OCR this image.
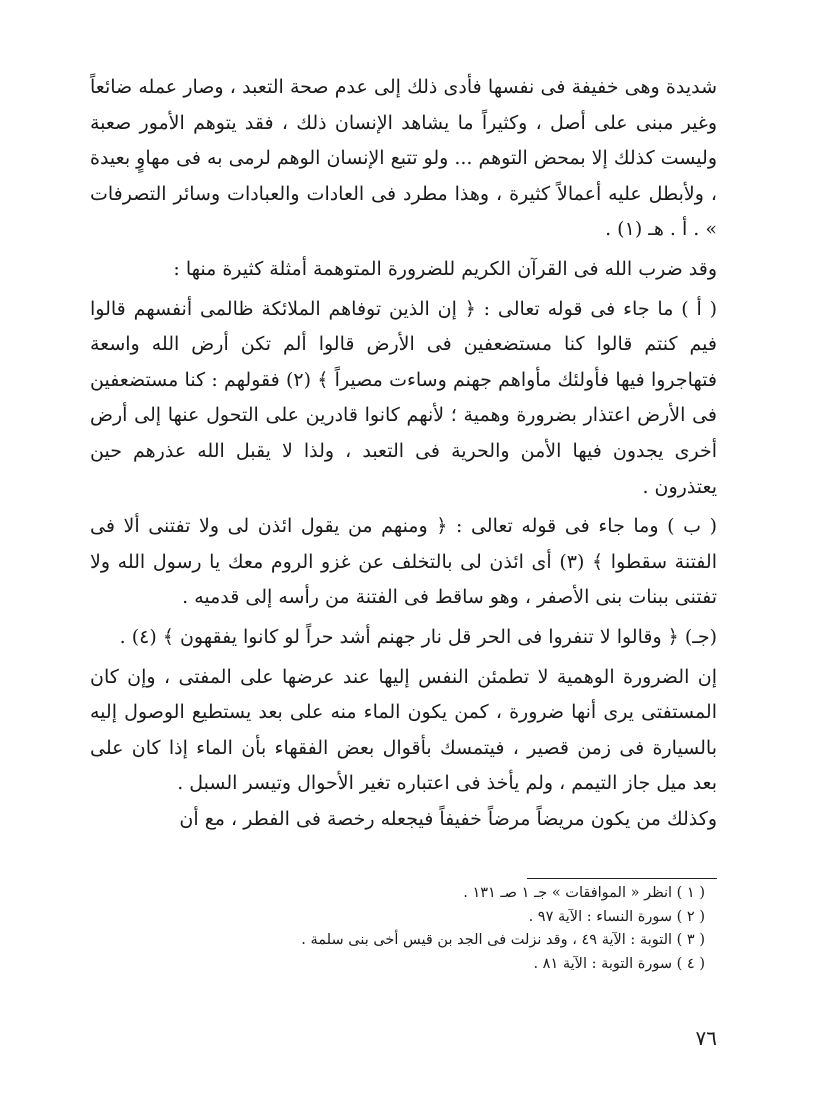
شديدة وهى خفيفة فى نفسها فأدى ذلك إلى عدم صحة التعبد ، وصار عمله ضائعاً وغير مبنى على أصل ، وكثيراً ما يشاهد الإنسان ذلك ، فقد يتوهم الأمور صعبة وليست كذلك إلا بمحض التوهم ... ولو تتبع الإنسان الوهم لرمى به فى مهاوٍ بعيدة ، ولأبطل عليه أعمالاً كثيرة ، وهذا مطرد فى العادات والعبادات وسائر التصرفات » . أ . هـ (١) .

وقد ضرب الله فى القرآن الكريم للضرورة المتوهمة أمثلة كثيرة منها :

( أ ) ما جاء فى قوله تعالى : ﴿ إن الذين توفاهم الملائكة ظالمى أنفسهم قالوا فيم كنتم قالوا كنا مستضعفين فى الأرض قالوا ألم تكن أرض الله واسعة فتهاجروا فيها فأولئك مأواهم جهنم وساءت مصيراً ﴾ (٢) فقولهم : كنا مستضعفين فى الأرض اعتذار بضرورة وهمية ؛ لأنهم كانوا قادرين على التحول عنها إلى أرض أخرى يجدون فيها الأمن والحرية فى التعبد ، ولذا لا يقبل الله عذرهم حين يعتذرون .

( ب ) وما جاء فى قوله تعالى : ﴿ ومنهم من يقول ائذن لى ولا تفتنى ألا فى الفتنة سقطوا ﴾ (٣) أى ائذن لى بالتخلف عن غزو الروم معك يا رسول الله ولا تفتنى ببنات بنى الأصفر ، وهو ساقط فى الفتنة من رأسه إلى قدميه .

(جـ) ﴿ وقالوا لا تنفروا فى الحر قل نار جهنم أشد حراً لو كانوا يفقهون ﴾ (٤) .

إن الضرورة الوهمية لا تطمئن النفس إليها عند عرضها على المفتى ، وإن كان المستفتى يرى أنها ضرورة ، كمن يكون الماء منه على بعد يستطيع الوصول إليه بالسيارة فى زمن قصير ، فيتمسك بأقوال بعض الفقهاء بأن الماء إذا كان على بعد ميل جاز التيمم ، ولم يأخذ فى اعتباره تغير الأحوال وتيسر السبل .

وكذلك من يكون مريضاً مرضاً خفيفاً فيجعله رخصة فى الفطر ، مع أن

( ١ ) انظر « الموافقات » جـ ١ صـ ١٣١ .

( ٢ ) سورة النساء : الآية ٩٧ .

( ٣ ) التوبة : الآية ٤٩ ، وقد نزلت فى الجد بن قيس أخى بنى سلمة .

( ٤ ) سورة التوبة : الآية ٨١ .

٧٦
